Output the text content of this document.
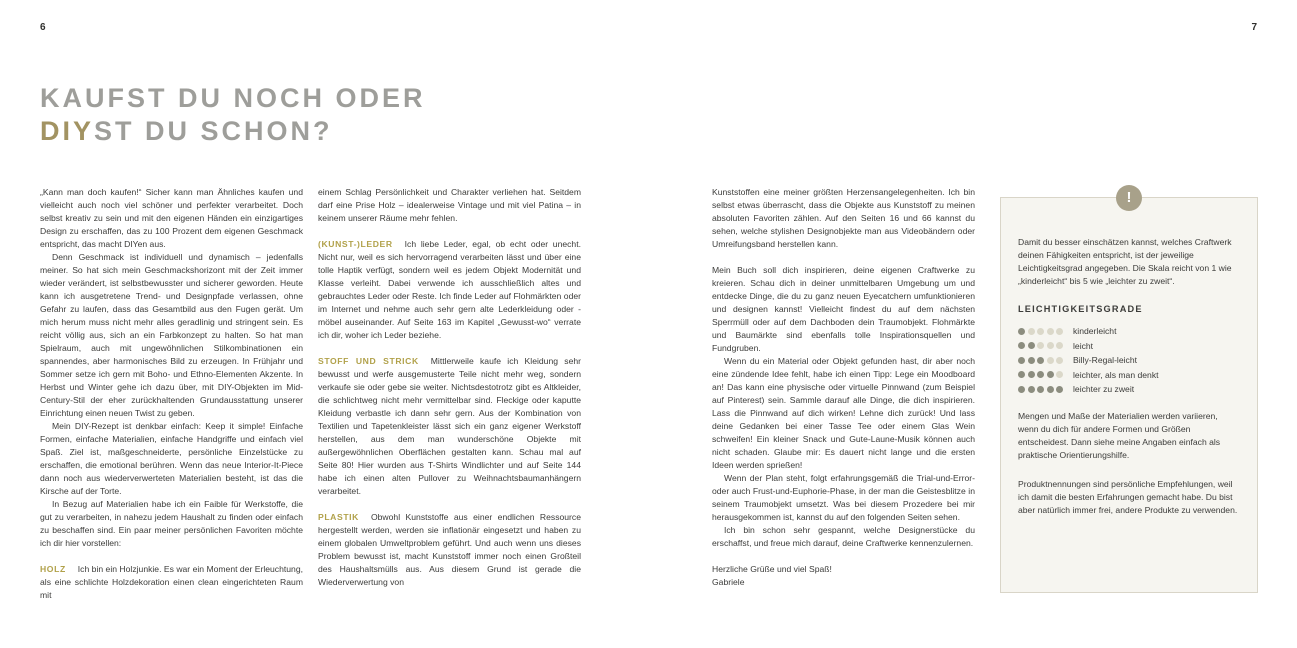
6	7
KAUFST DU NOCH ODER
DIYST DU SCHON?

„Kann man doch kaufen!“ Sicher kann man Ähnliches kaufen und vielleicht auch noch viel schöner und perfekter verarbeitet. Doch selbst kreativ zu sein und mit den eigenen Händen ein einzigartiges Design zu erschaffen, das zu 100 Prozent dem eigenen Geschmack entspricht, das macht DIYen aus.

Denn Geschmack ist individuell und dynamisch – jedenfalls meiner. So hat sich mein Geschmackshorizont mit der Zeit immer wieder verändert, ist selbstbewusster und sicherer geworden. Heute kann ich ausgetretene Trend- und Designpfade verlassen, ohne Gefahr zu laufen, dass das Gesamtbild aus den Fugen gerät. Um mich herum muss nicht mehr alles geradlinig und stringent sein. Es reicht völlig aus, sich an ein Farbkonzept zu halten. So hat man Spielraum, auch mit ungewöhnlichen Stilkombinationen ein spannendes, aber harmonisches Bild zu erzeugen. In Frühjahr und Sommer setze ich gern mit Boho- und Ethno-Elementen Akzente. In Herbst und Winter gehe ich dazu über, mit DIY-Objekten im Mid-Century-Stil der eher zurückhaltenden Grundausstattung unserer Einrichtung einen neuen Twist zu geben.

Mein DIY-Rezept ist denkbar einfach: Keep it simple! Einfache Formen, einfache Materialien, einfache Handgriffe und einfach viel Spaß. Ziel ist, maßgeschneiderte, persönliche Einzelstücke zu erschaffen, die emotional berühren. Wenn das neue Interior-It-Piece dann noch aus wiederverwerteten Materialien besteht, ist das die Kirsche auf der Torte.

In Bezug auf Materialien habe ich ein Faible für Werkstoffe, die gut zu verarbeiten, in nahezu jedem Haushalt zu finden oder einfach zu beschaffen sind. Ein paar meiner persönlichen Favoriten möchte ich dir hier vorstellen:

HOLZ Ich bin ein Holzjunkie. Es war ein Moment der Erleuchtung, als eine schlichte Holzdekoration einen clean eingerichteten Raum mit

einem Schlag Persönlichkeit und Charakter verliehen hat. Seitdem darf eine Prise Holz – idealerweise Vintage und mit viel Patina – in keinem unserer Räume mehr fehlen.

(KUNST-)LEDER Ich liebe Leder, egal, ob echt oder unecht. Nicht nur, weil es sich hervorragend verarbeiten lässt und über eine tolle Haptik verfügt, sondern weil es jedem Objekt Modernität und Klasse verleiht. Dabei verwende ich ausschließlich altes und gebrauchtes Leder oder Reste. Ich finde Leder auf Flohmärkten oder im Internet und nehme auch sehr gern alte Lederkleidung oder -möbel auseinander. Auf Seite 163 im Kapitel „Gewusst-wo“ verrate ich dir, woher ich Leder beziehe.

STOFF UND STRICK Mittlerweile kaufe ich Kleidung sehr bewusst und werfe ausgemusterte Teile nicht mehr weg, sondern verkaufe sie oder gebe sie weiter. Nichtsdestotrotz gibt es Altkleider, die schlichtweg nicht mehr vermittelbar sind. Fleckige oder kaputte Kleidung verbastle ich dann sehr gern. Aus der Kombination von Textilien und Tapetenkleister lässt sich ein ganz eigener Werkstoff herstellen, aus dem man wunderschöne Objekte mit außergewöhnlichen Oberflächen gestalten kann. Schau mal auf Seite 80! Hier wurden aus T-Shirts Windlichter und auf Seite 144 habe ich einen alten Pullover zu Weihnachtsbaumanhängern verarbeitet.

PLASTIK Obwohl Kunststoffe aus einer endlichen Ressource hergestellt werden, werden sie inflationär eingesetzt und haben zu einem globalen Umweltproblem geführt. Und auch wenn uns dieses Problem bewusst ist, macht Kunststoff immer noch einen Großteil des Haushaltsmülls aus. Aus diesem Grund ist gerade die Wiederverwertung von

Kunststoffen eine meiner größten Herzensangelegenheiten. Ich bin selbst etwas überrascht, dass die Objekte aus Kunststoff zu meinen absoluten Favoriten zählen. Auf den Seiten 16 und 66 kannst du sehen, welche stylishen Designobjekte man aus Videobändern oder Umreifungsband herstellen kann.

Mein Buch soll dich inspirieren, deine eigenen Craftwerke zu kreieren. Schau dich in deiner unmittelbaren Umgebung um und entdecke Dinge, die du zu ganz neuen Eyecatchern umfunktionieren und designen kannst! Vielleicht findest du auf dem nächsten Sperrmüll oder auf dem Dachboden dein Traumobjekt. Flohmärkte und Baumärkte sind ebenfalls tolle Inspirationsquellen und Fundgruben.

Wenn du ein Material oder Objekt gefunden hast, dir aber noch eine zündende Idee fehlt, habe ich einen Tipp: Lege ein Moodboard an! Das kann eine physische oder virtuelle Pinnwand (zum Beispiel auf Pinterest) sein. Sammle darauf alle Dinge, die dich inspirieren. Lass die Pinnwand auf dich wirken! Lehne dich zurück! Und lass deine Gedanken bei einer Tasse Tee oder einem Glas Wein schweifen! Ein kleiner Snack und Gute-Laune-Musik können auch nicht schaden. Glaube mir: Es dauert nicht lange und die ersten Ideen werden sprießen!

Wenn der Plan steht, folgt erfahrungsgemäß die Trial-und-Error- oder auch Frust-und-Euphorie-Phase, in der man die Geistesblitze in seinem Traumobjekt umsetzt. Was bei diesem Prozedere bei mir herausgekommen ist, kannst du auf den folgenden Seiten sehen.

Ich bin schon sehr gespannt, welche Designerstücke du erschaffst, und freue mich darauf, deine Craftwerke kennenzulernen.

Herzliche Grüße und viel Spaß!

Gabriele

!

Damit du besser einschätzen kannst, welches Craftwerk deinen Fähigkeiten entspricht, ist der jeweilige Leichtigkeitsgrad angegeben. Die Skala reicht von 1 wie „kinderleicht“ bis 5 wie „leichter zu zweit“.

LEICHTIGKEITSGRADE
kinderleicht
leicht
Billy-Regal-leicht
leichter, als man denkt
leichter zu zweit

Mengen und Maße der Materialien werden variieren, wenn du dich für andere Formen und Größen entscheidest. Dann siehe meine Angaben einfach als praktische Orientierungshilfe.

Produktnennungen sind persönliche Empfehlungen, weil ich damit die besten Erfahrungen gemacht habe. Du bist aber natürlich immer frei, andere Produkte zu verwenden.
